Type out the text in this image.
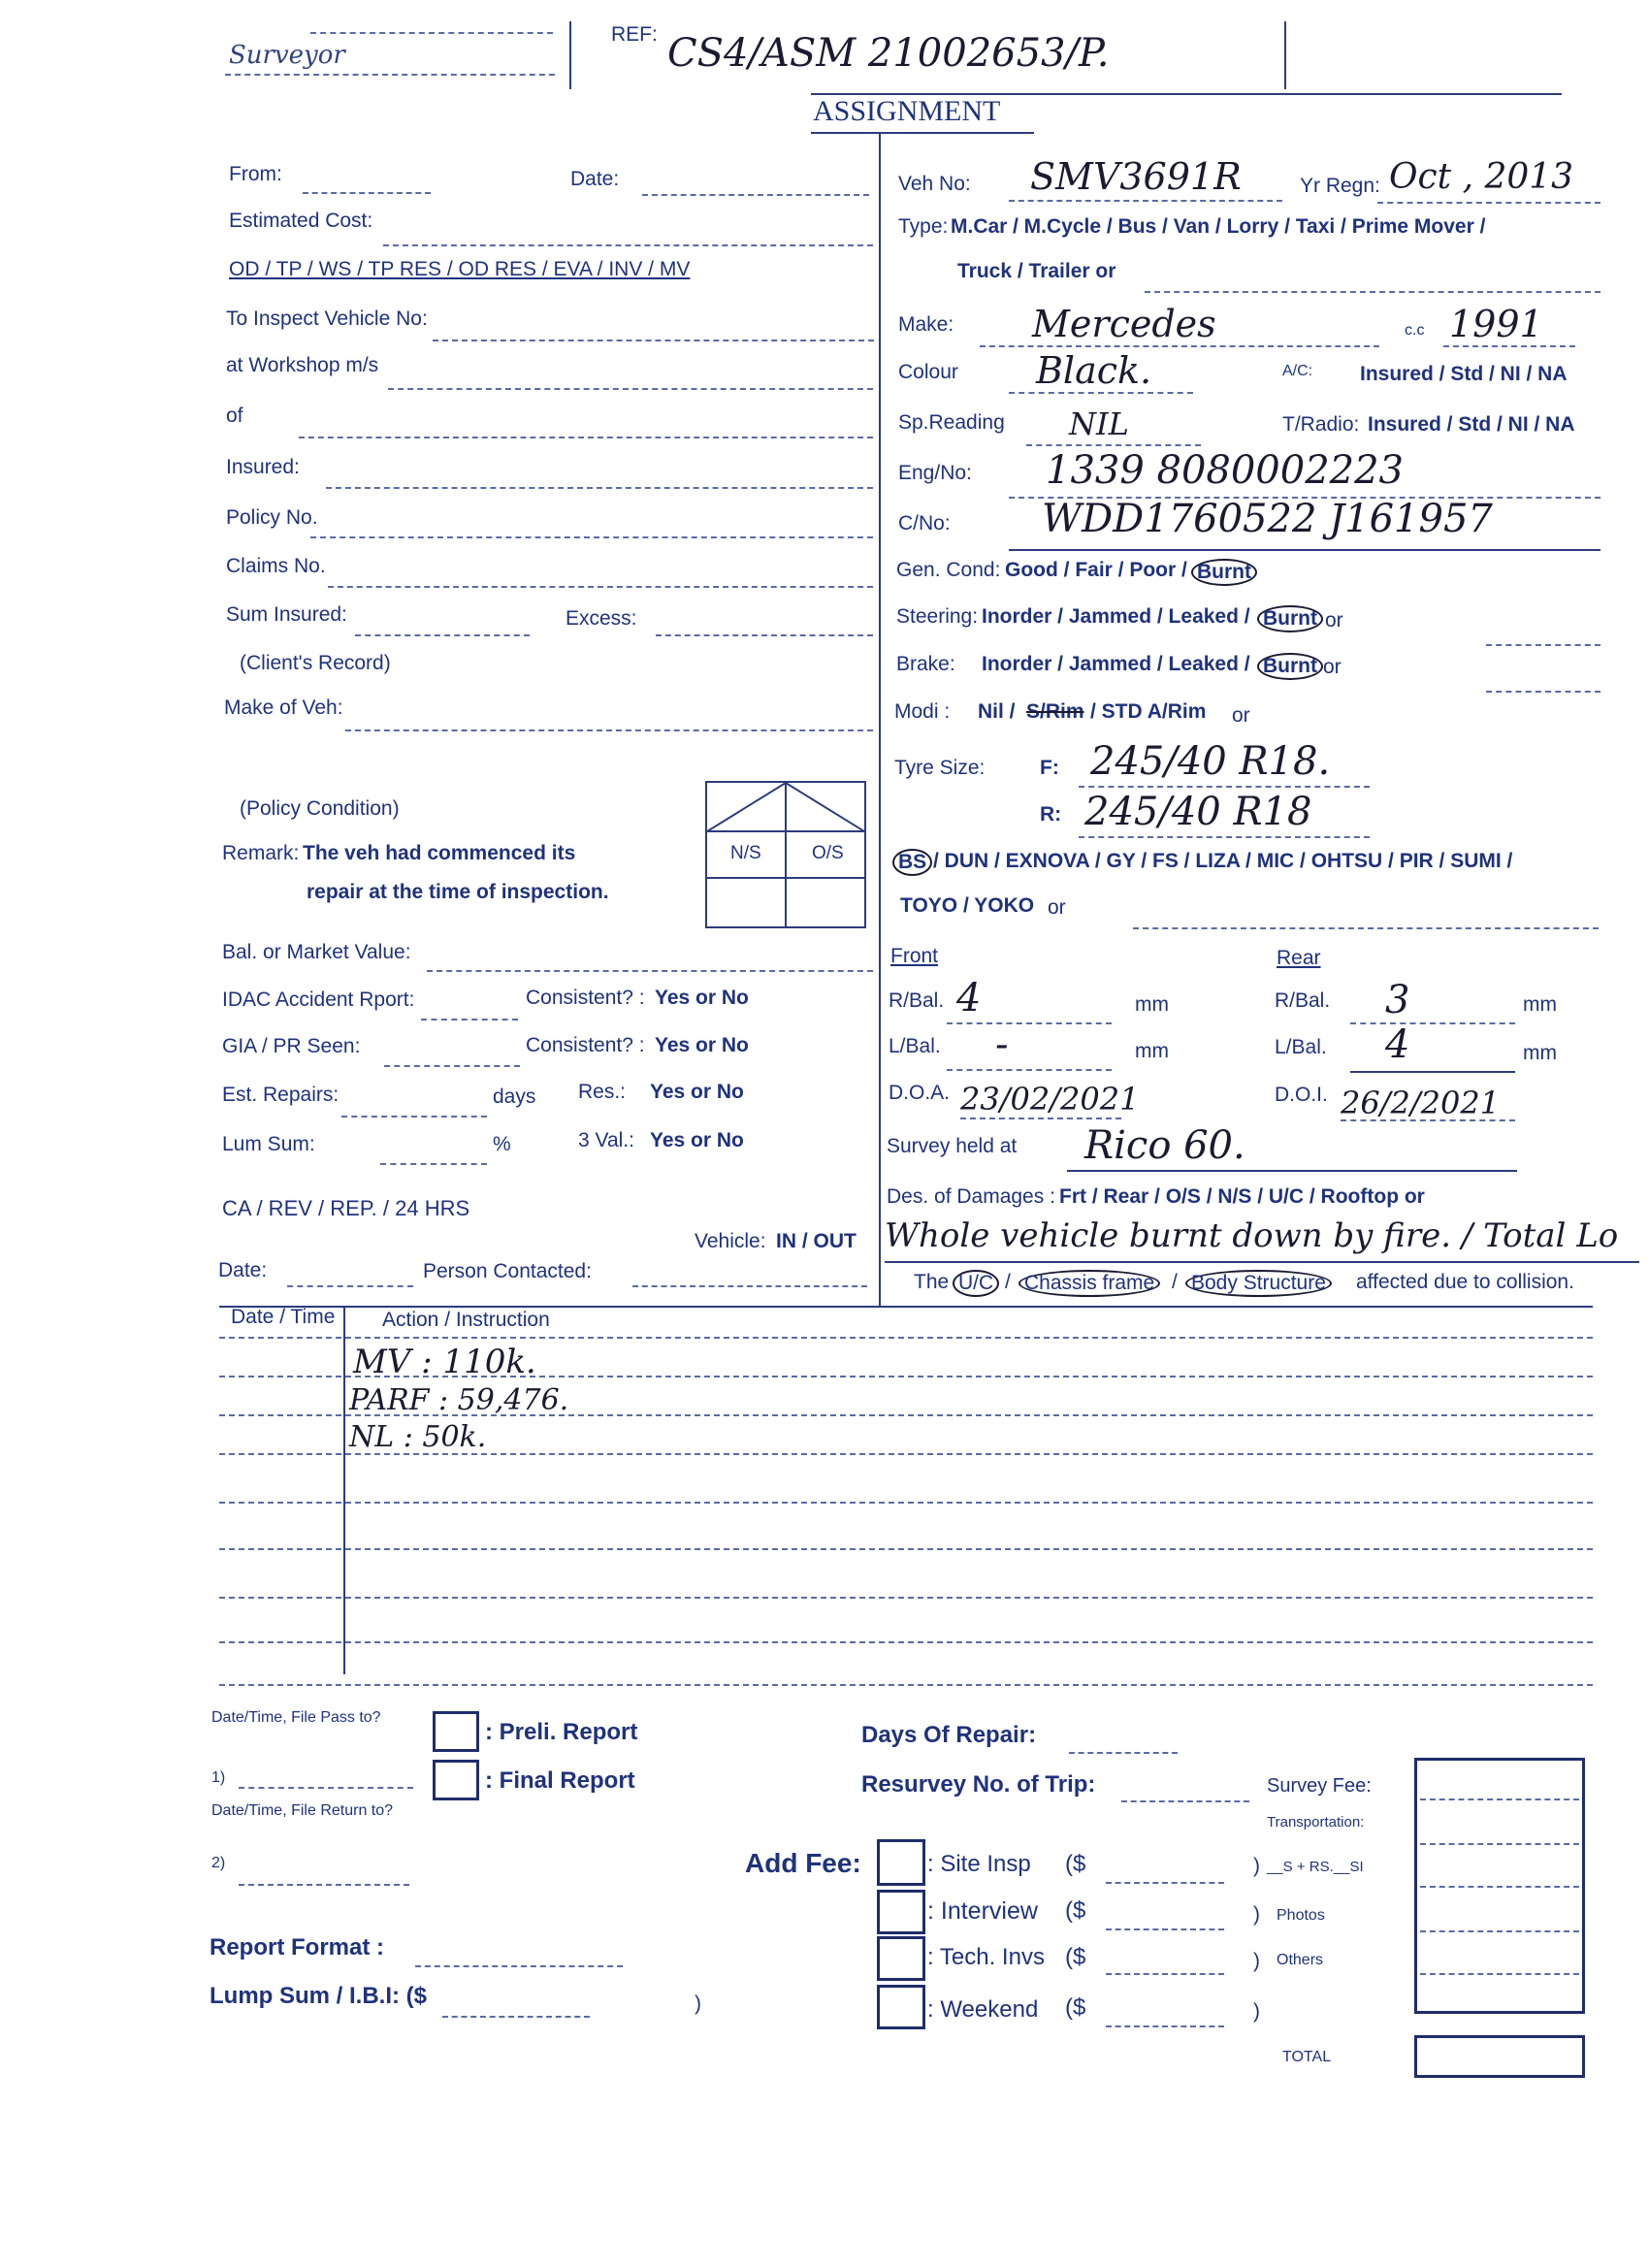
Surveyor
REF: CS4/ASM 21002653/P.
ASSIGNMENT
From:	Date:
Estimated Cost:
OD / TP / WS / TP RES / OD RES / EVA / INV / MV
To Inspect Vehicle No:
at Workshop m/s
of
Insured:
Policy No.
Claims No.
Sum Insured:	Excess:
(Client's Record)
Make of Veh:
(Policy Condition)
Remark: The veh had commenced its
repair at the time of inspection.
N/S	O/S
Bal. or Market Value:
IDAC Accident Rport:	Consistent? : Yes or No
GIA / PR Seen:	Consistent? : Yes or No
Est. Repairs:	days Res.: Yes or No
Lum Sum:	%	3 Val.: Yes or No
CA / REV / REP. / 24 HRS
Vehicle: IN / OUT
Date:	Person Contacted:
Veh No: SMV3691R	Yr Regn: Oct , 2013
Type: M.Car / M.Cycle / Bus / Van / Lorry / Taxi / Prime Mover /
Truck / Trailer or
Make: Mercedes	c.c 1991
Colour Black.	A/C: Insured / Std / NI / NA
Sp.Reading NIL	T/Radio: Insured / Std / NI / NA
Eng/No: 1339 8080002223
C/No: WDD1760522 J161957
Gen. Cond: Good / Fair / Poor / Burnt
Steering: Inorder / Jammed / Leaked / Burnt or
Brake: Inorder / Jammed / Leaked / Burnt or
Modi : Nil / S/Rim / STD A/Rim or
Tyre Size:	F: 245/40 R18.
R: 245/40 R18
BS / DUN / EXNOVA / GY / FS / LIZA / MIC / OHTSU / PIR / SUMI /
TOYO / YOKO or
Front	Rear
R/Bal. 4	mm	R/Bal. 3	mm
L/Bal. -	mm	L/Bal. 4	mm
D.O.A. 23/02/2021	D.O.I. 26/2/2021
Survey held at Rico 60.
Des. of Damages : Frt / Rear / O/S / N/S / U/C / Rooftop or
Whole vehicle burnt down by fire. / Total Lo
The U/C / Chassis frame / Body Structure affected due to collision.
Date / Time Action / Instruction
MV : 110k.
PARF : 59,476.
NL : 50k.
Date/Time, File Pass to?
1)
Date/Time, File Return to?
2)
: Preli. Report
: Final Report
Days Of Repair:
Resurvey No. of Trip:
Add Fee:	: Site Insp ($	) __S + RS.__SI
: Interview ($	) Photos
: Tech. Invs ($	) Others
: Weekend ($	)
Survey Fee:
Transportation:
TOTAL
Report Format :
Lump Sum / I.B.I: ($	)
